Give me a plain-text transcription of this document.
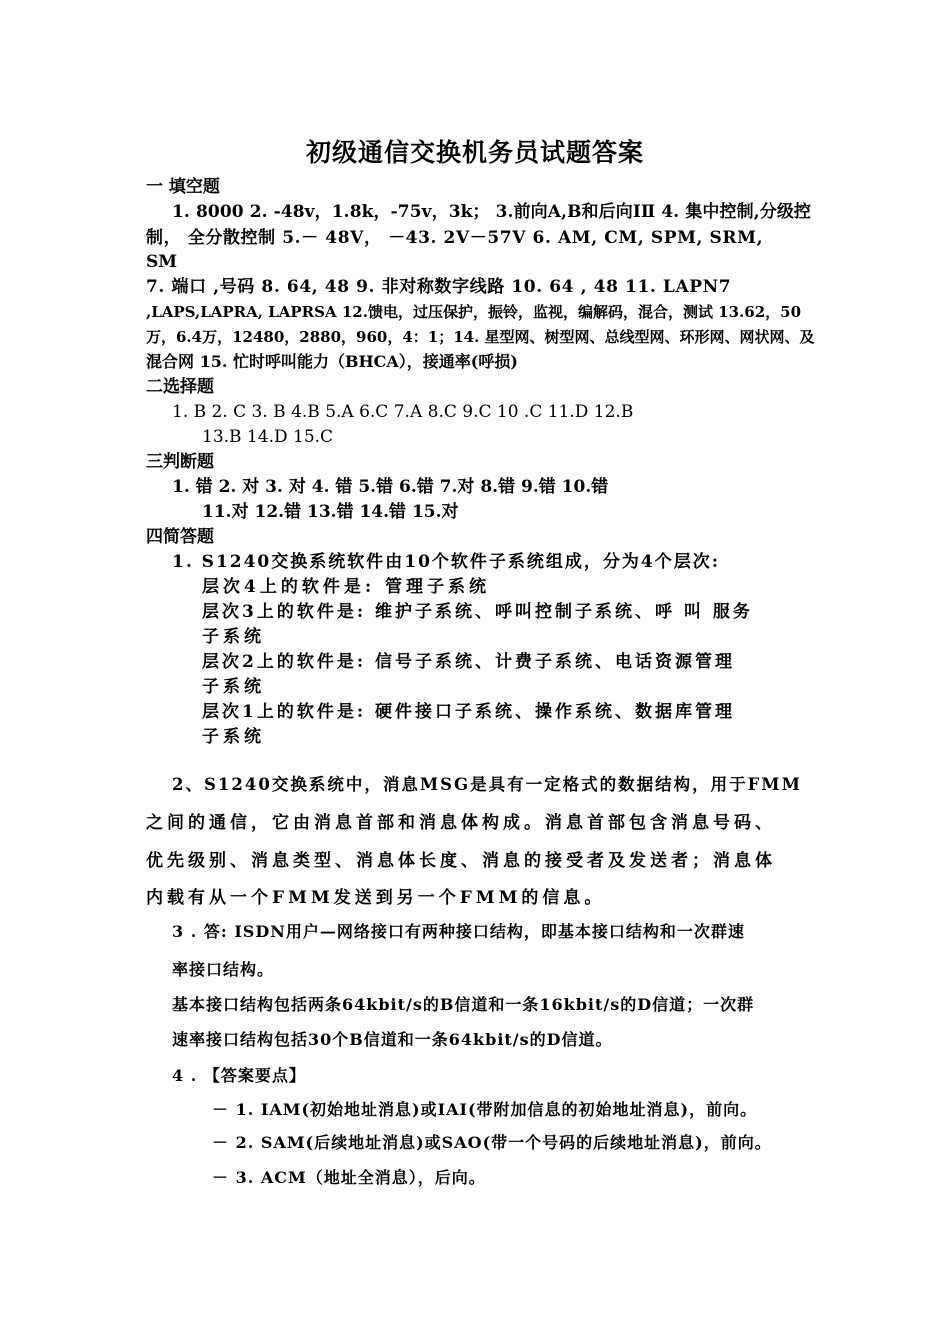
初级通信交换机务员试题答案
一 填空题
1. 8000 2. -48v，1.8k，-75v，3k； 3.前向A,B和后向ⅠⅡ 4. 集中控制,分级控
制， 全分散控制 5.－ 48V， －43. 2V－57V 6. AM, CM, SPM, SRM,
SM
7. 端口 ,号码 8. 64, 48 9. 非对称数字线路 10. 64 , 48 11. LAPN7
,LAPS,LAPRA, LAPRSA 12.馈电，过压保护，振铃，监视，编解码，混合，测试 13.62，50
万，6.4万，12480，2880，960，4：1；14. 星型网、树型网、总线型网、环形网、网状网、及
混合网 15. 忙时呼叫能力（BHCA），接通率(呼损)
二选择题
1. B 2. C 3. B 4.B 5.A 6.C 7.A 8.C 9.C 10 .C 11.D 12.B
13.B 14.D 15.C
三判断题
1. 错 2. 对 3. 对 4. 错 5.错 6.错 7.对 8.错 9.错 10.错
11.对 12.错 13.错 14.错 15.对
四简答题
1. S1240交换系统软件由10个软件子系统组成，分为4个层次:
层次4上的软件是: 管理子系统
层次3上的软件是: 维护子系统、呼叫控制子系统、呼 叫 服务
子系统
层次2上的软件是: 信号子系统、计费子系统、电话资源管理
子系统
层次1上的软件是: 硬件接口子系统、操作系统、数据库管理
子系统
2、S1240交换系统中，消息MSG是具有一定格式的数据结构，用于FMM
之间的通信，它由消息首部和消息体构成。消息首部包含消息号码、
优先级别、消息类型、消息体长度、消息的接受者及发送者；消息体
内载有从一个FMM发送到另一个FMM的信息。
3 . 答: ISDN用户—网络接口有两种接口结构，即基本接口结构和一次群速
率接口结构。
基本接口结构包括两条64kbit/s的B信道和一条16kbit/s的D信道；一次群
速率接口结构包括30个B信道和一条64kbit/s的D信道。
4 . 【答案要点】
－ 1. IAM(初始地址消息)或IAI(带附加信息的初始地址消息)，前向。
－ 2. SAM(后续地址消息)或SAO(带一个号码的后续地址消息)，前向。
－ 3. ACM（地址全消息），后向。
